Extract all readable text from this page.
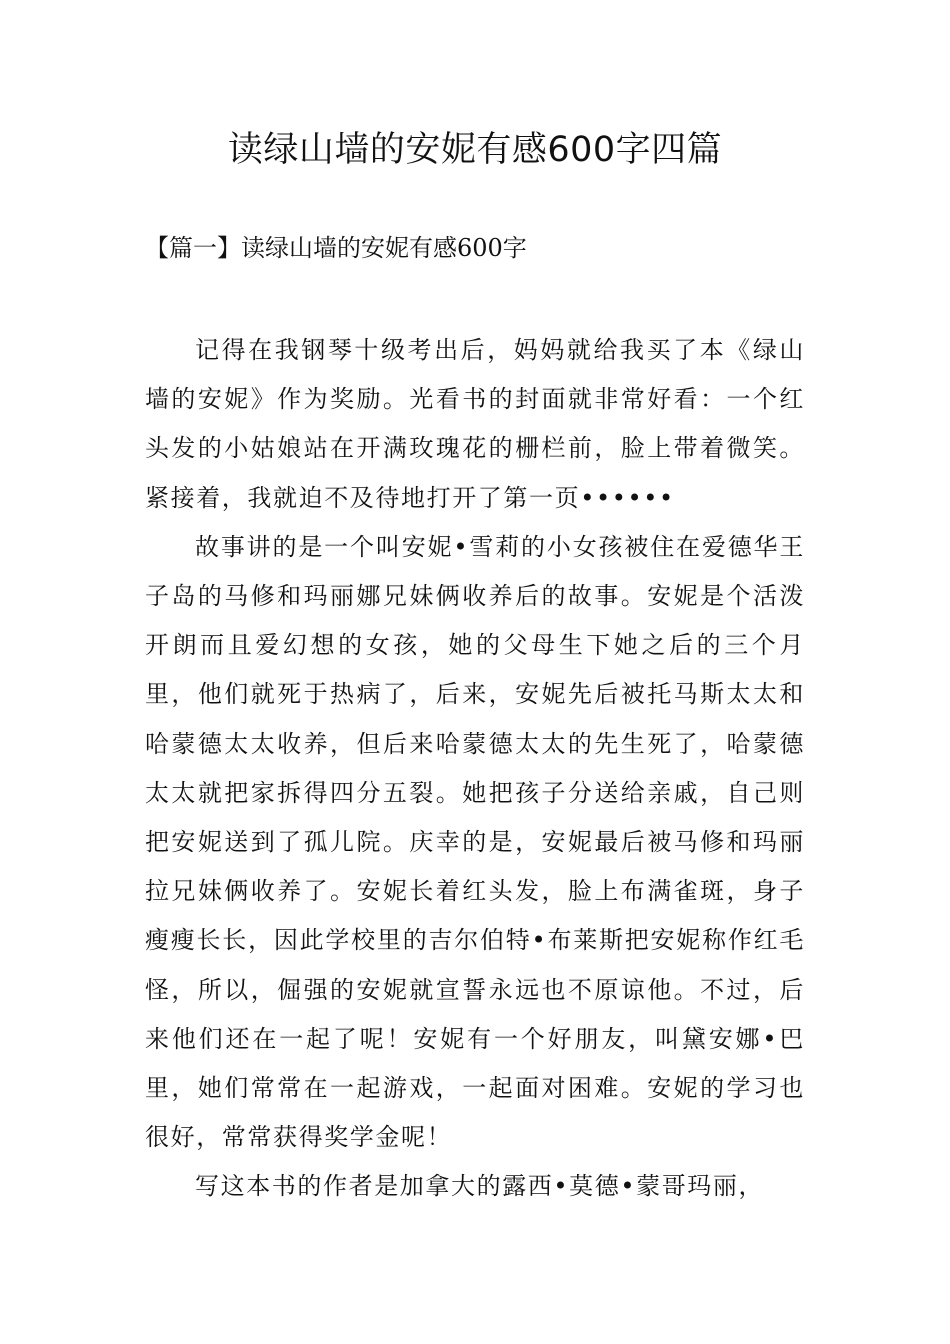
读绿山墙的安妮有感600字四篇

【篇一】读绿山墙的安妮有感600字

记得在我钢琴十级考出后，妈妈就给我买了本《绿山墙的安妮》作为奖励。光看书的封面就非常好看：一个红头发的小姑娘站在开满玫瑰花的栅栏前，脸上带着微笑。紧接着，我就迫不及待地打开了第一页••••••

故事讲的是一个叫安妮•雪莉的小女孩被住在爱德华王子岛的马修和玛丽娜兄妹俩收养后的故事。安妮是个活泼开朗而且爱幻想的女孩，她的父母生下她之后的三个月里，他们就死于热病了，后来，安妮先后被托马斯太太和哈蒙德太太收养，但后来哈蒙德太太的先生死了，哈蒙德太太就把家拆得四分五裂。她把孩子分送给亲戚，自己则把安妮送到了孤儿院。庆幸的是，安妮最后被马修和玛丽拉兄妹俩收养了。安妮长着红头发，脸上布满雀斑，身子瘦瘦长长，因此学校里的吉尔伯特•布莱斯把安妮称作红毛怪，所以，倔强的安妮就宣誓永远也不原谅他。不过，后来他们还在一起了呢！安妮有一个好朋友，叫黛安娜•巴里，她们常常在一起游戏，一起面对困难。安妮的学习也很好，常常获得奖学金呢！

写这本书的作者是加拿大的露西•莫德•蒙哥玛丽，
